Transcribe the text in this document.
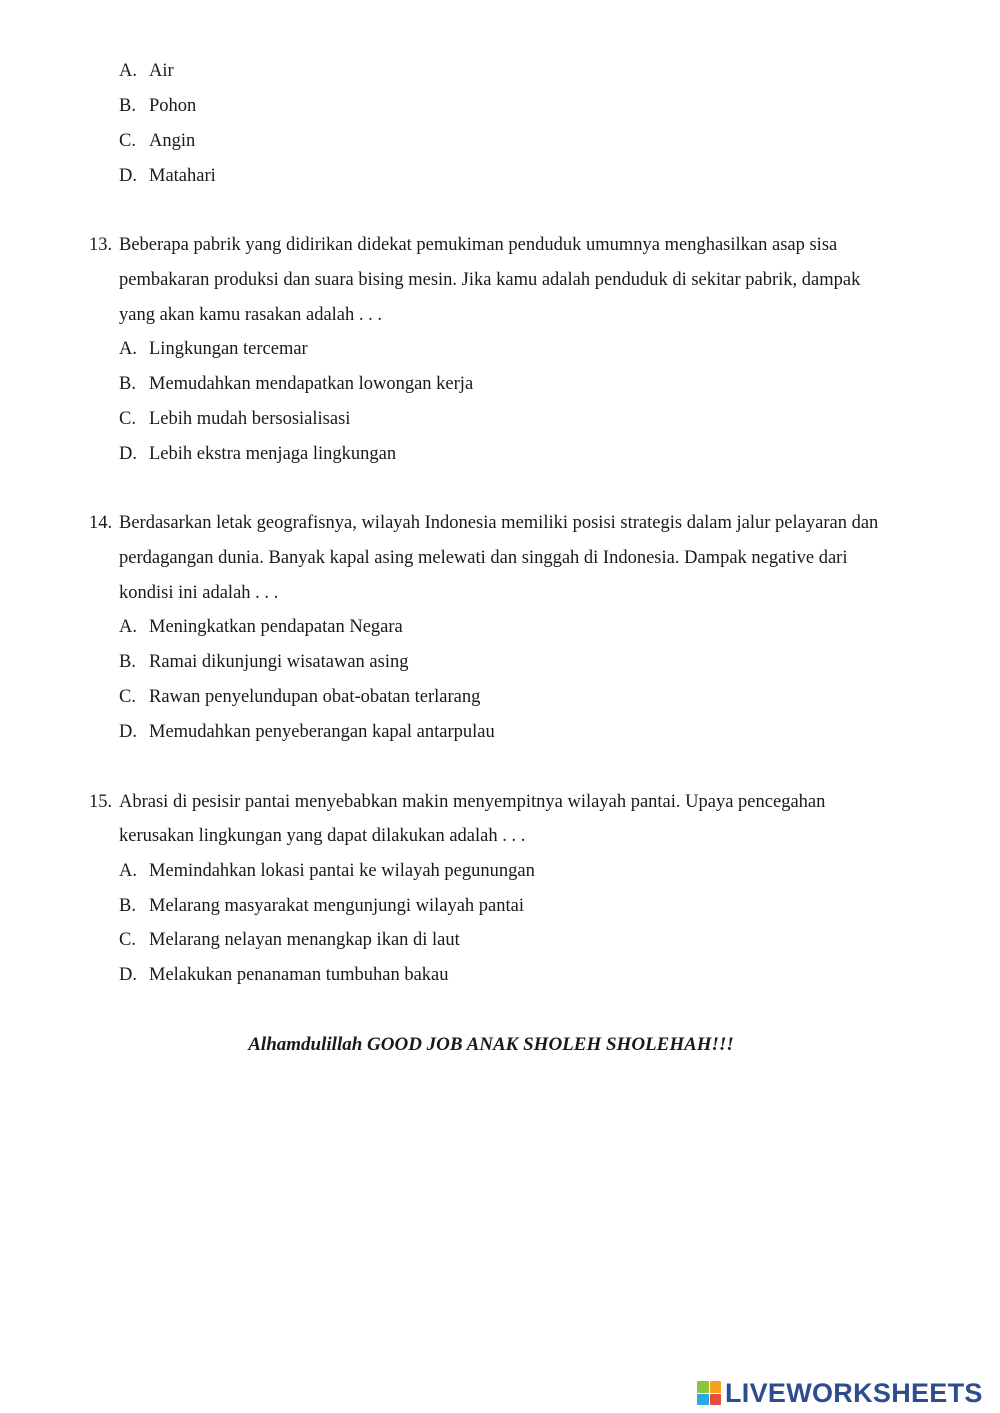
A. Air
B. Pohon
C. Angin
D. Matahari
13. Beberapa pabrik yang didirikan didekat pemukiman penduduk umumnya menghasilkan asap sisa
pembakaran produksi dan suara bising mesin. Jika kamu adalah penduduk di sekitar pabrik, dampak
yang akan kamu rasakan adalah . . .
A. Lingkungan tercemar
B. Memudahkan mendapatkan lowongan kerja
C. Lebih mudah bersosialisasi
D. Lebih ekstra menjaga lingkungan
14. Berdasarkan letak geografisnya, wilayah Indonesia memiliki posisi strategis dalam jalur pelayaran dan
perdagangan dunia. Banyak kapal asing melewati dan singgah di Indonesia. Dampak negative dari
kondisi ini adalah . . .
A. Meningkatkan pendapatan Negara
B. Ramai dikunjungi wisatawan asing
C. Rawan penyelundupan obat-obatan terlarang
D. Memudahkan penyeberangan kapal antarpulau
15. Abrasi di pesisir pantai menyebabkan makin menyempitnya wilayah pantai. Upaya pencegahan
kerusakan lingkungan yang dapat dilakukan adalah . . .
A. Memindahkan lokasi pantai ke wilayah pegunungan
B. Melarang masyarakat mengunjungi wilayah pantai
C. Melarang nelayan menangkap ikan di laut
D. Melakukan penanaman tumbuhan bakau
Alhamdulillah GOOD JOB ANAK SHOLEH SHOLEHAH!!!
LIVEWORKSHEETS
